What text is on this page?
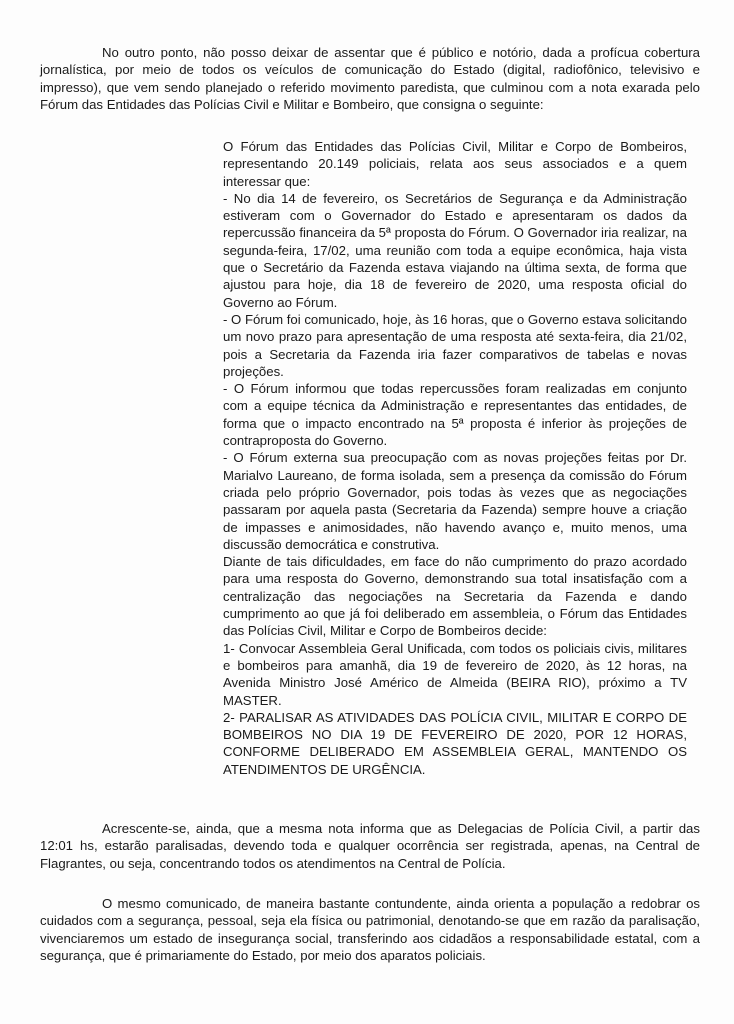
No outro ponto, não posso deixar de assentar que é público e notório, dada a profícua cobertura jornalística, por meio de todos os veículos de comunicação do Estado (digital, radiofônico, televisivo e impresso), que vem sendo planejado o referido movimento paredista, que culminou com a nota exarada pelo Fórum das Entidades das Polícias Civil e Militar e Bombeiro, que consigna o seguinte:

O Fórum das Entidades das Polícias Civil, Militar e Corpo de Bombeiros, representando 20.149 policiais, relata aos seus associados e a quem interessar que:

- No dia 14 de fevereiro, os Secretários de Segurança e da Administração estiveram com o Governador do Estado e apresentaram os dados da repercussão financeira da 5ª proposta do Fórum. O Governador iria realizar, na segunda-feira, 17/02, uma reunião com toda a equipe econômica, haja vista que o Secretário da Fazenda estava viajando na última sexta, de forma que ajustou para hoje, dia 18 de fevereiro de 2020, uma resposta oficial do Governo ao Fórum.

- O Fórum foi comunicado, hoje, às 16 horas, que o Governo estava solicitando um novo prazo para apresentação de uma resposta até sexta-feira, dia 21/02, pois a Secretaria da Fazenda iria fazer comparativos de tabelas e novas projeções.

- O Fórum informou que todas repercussões foram realizadas em conjunto com a equipe técnica da Administração e representantes das entidades, de forma que o impacto encontrado na 5ª proposta é inferior às projeções de contraproposta do Governo.

- O Fórum externa sua preocupação com as novas projeções feitas por Dr. Marialvo Laureano, de forma isolada, sem a presença da comissão do Fórum criada pelo próprio Governador, pois todas às vezes que as negociações passaram por aquela pasta (Secretaria da Fazenda) sempre houve a criação de impasses e animosidades, não havendo avanço e, muito menos, uma discussão democrática e construtiva.

Diante de tais dificuldades, em face do não cumprimento do prazo acordado para uma resposta do Governo, demonstrando sua total insatisfação com a centralização das negociações na Secretaria da Fazenda e dando cumprimento ao que já foi deliberado em assembleia, o Fórum das Entidades das Polícias Civil, Militar e Corpo de Bombeiros decide:

1- Convocar Assembleia Geral Unificada, com todos os policiais civis, militares e bombeiros para amanhã, dia 19 de fevereiro de 2020, às 12 horas, na Avenida Ministro José Américo de Almeida (BEIRA RIO), próximo a TV MASTER.

2- PARALISAR AS ATIVIDADES DAS POLÍCIA CIVIL, MILITAR E CORPO DE BOMBEIROS NO DIA 19 DE FEVEREIRO DE 2020, POR 12 HORAS, CONFORME DELIBERADO EM ASSEMBLEIA GERAL, MANTENDO OS ATENDIMENTOS DE URGÊNCIA.

Acrescente-se, ainda, que a mesma nota informa que as Delegacias de Polícia Civil, a partir das 12:01 hs, estarão paralisadas, devendo toda e qualquer ocorrência ser registrada, apenas, na Central de Flagrantes, ou seja, concentrando todos os atendimentos na Central de Polícia.

O mesmo comunicado, de maneira bastante contundente, ainda orienta a população a redobrar os cuidados com a segurança, pessoal, seja ela física ou patrimonial, denotando-se que em razão da paralisação, vivenciaremos um estado de insegurança social, transferindo aos cidadãos a responsabilidade estatal, com a segurança, que é primariamente do Estado, por meio dos aparatos policiais.
